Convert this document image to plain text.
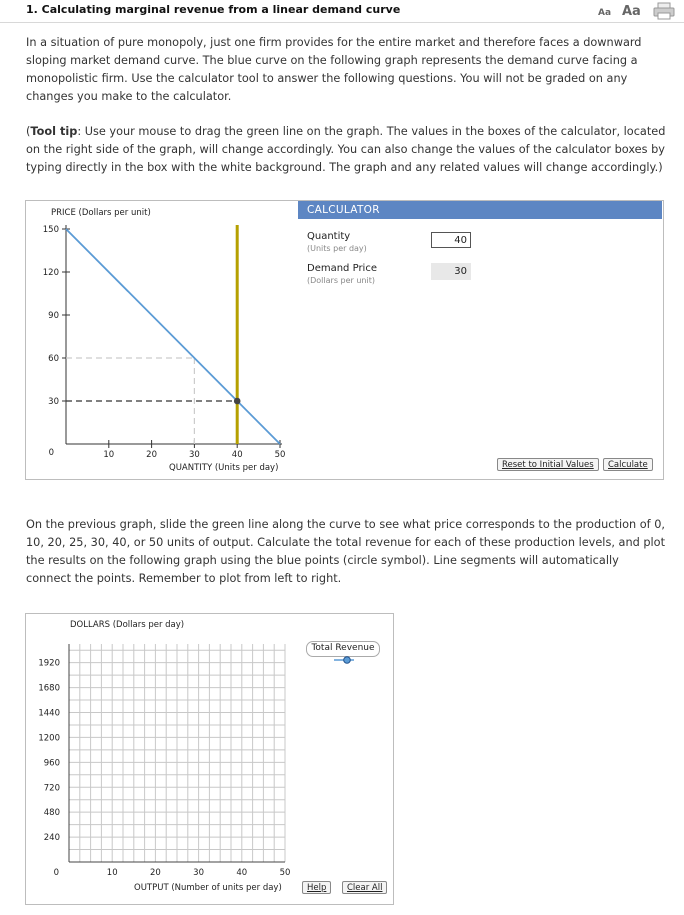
1. Calculating marginal revenue from a linear demand curve	Aa Aa
In a situation of pure monopoly, just one firm provides for the entire market and therefore faces a downward sloping market demand curve. The blue curve on the following graph represents the demand curve facing a monopolistic firm. Use the calculator tool to answer the following questions. You will not be graded on any changes you make to the calculator.
(Tool tip: Use your mouse to drag the green line on the graph. The values in the boxes of the calculator, located on the right side of the graph, will change accordingly. You can also change the values of the calculator boxes by typing directly in the box with the white background. The graph and any related values will change accordingly.)
150
120
90
60
30
0	10	20	30	40	50
PRICE (Dollars per unit)
QUANTITY (Units per day)
CALCULATOR
Quantity
(Units per day)
40
Demand Price
(Dollars per unit)
30
Reset to Initial Values	Calculate
On the previous graph, slide the green line along the curve to see what price corresponds to the production of 0, 10, 20, 25, 30, 40, or 50 units of output. Calculate the total revenue for each of these production levels, and plot the results on the following graph using the blue points (circle symbol). Line segments will automatically connect the points. Remember to plot from left to right.
1920
1680
1440
1200
960
720
480
240
0	10	20	30	40	50
DOLLARS (Dollars per day)
OUTPUT (Number of units per day)
Total Revenue
Help	Clear All
